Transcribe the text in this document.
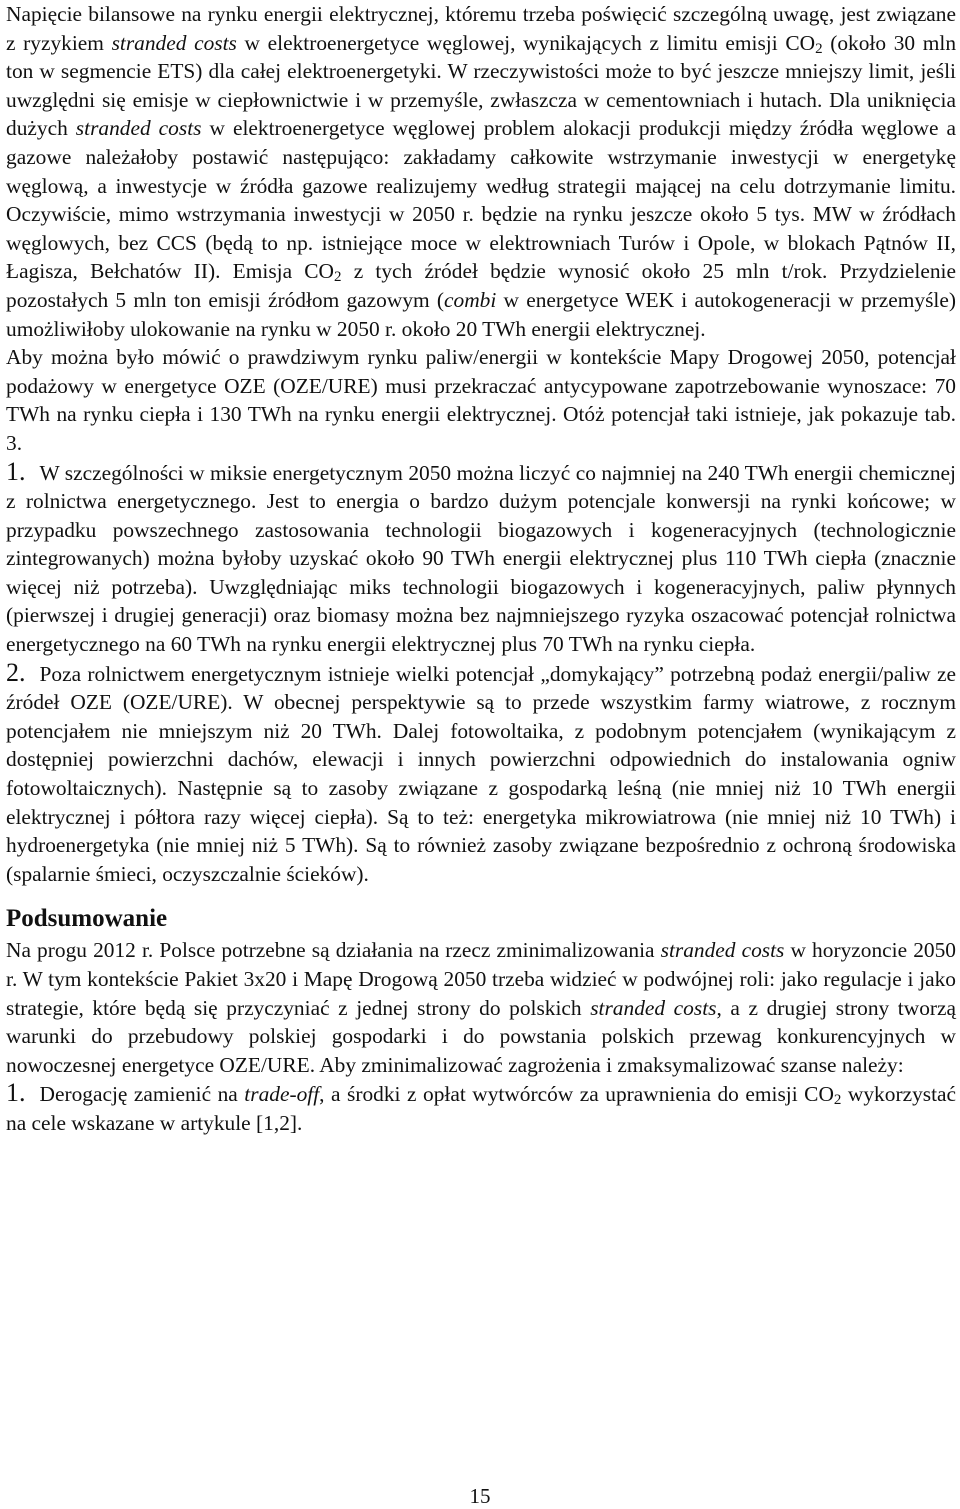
Napięcie bilansowe na rynku energii elektrycznej, któremu trzeba poświęcić szczególną uwagę, jest związane z ryzykiem stranded costs w elektroenergetyce węglowej, wynikających z limitu emisji $CO_2$ (około 30 mln ton w segmencie ETS) dla całej elektroenergetyki. W rzeczywistości może to być jeszcze mniejszy limit, jeśli uwzględni się emisje w ciepłownictwie i w przemyśle, zwłaszcza w cementowniach i hutach. Dla uniknięcia dużych stranded costs w elektroenergetyce węglowej problem alokacji produkcji między źródła węglowe a gazowe należałoby postawić następująco: zakładamy całkowite wstrzymanie inwestycji w energetykę węglową, a inwestycje w źródła gazowe realizujemy według strategii mającej na celu dotrzymanie limitu. Oczywiście, mimo wstrzymania inwestycji w 2050 r. będzie na rynku jeszcze około 5 tys. MW w źródłach węglowych, bez CCS (będą to np. istniejące moce w elektrowniach Turów i Opole, w blokach Pątnów II, Łagisza, Bełchatów II). Emisja $CO_2$ z tych źródeł będzie wynosić około 25 mln t/rok. Przydzielenie pozostałych 5 mln ton emisji źródłom gazowym (combi w energetyce WEK i autokogeneracji w przemyśle) umożliwiłoby ulokowanie na rynku w 2050 r. około 20 TWh energii elektrycznej.

Aby można było mówić o prawdziwym rynku paliw/energii w kontekście Mapy Drogowej 2050, potencjał podażowy w energetyce OZE (OZE/URE) musi przekraczać antycypowane zapotrzebowanie wynoszace: 70 TWh na rynku ciepła i 130 TWh na rynku energii elektrycznej. Otóż potencjał taki istnieje, jak pokazuje tab. 3.

1. W szczególności w miksie energetycznym 2050 można liczyć co najmniej na 240 TWh energii chemicznej z rolnictwa energetycznego. Jest to energia o bardzo dużym potencjale konwersji na rynki końcowe; w przypadku powszechnego zastosowania technologii biogazowych i kogeneracyjnych (technologicznie zintegrowanych) można byłoby uzyskać około 90 TWh energii elektrycznej plus 110 TWh ciepła (znacznie więcej niż potrzeba). Uwzględniając miks technologii biogazowych i kogeneracyjnych, paliw płynnych (pierwszej i drugiej generacji) oraz biomasy można bez najmniejszego ryzyka oszacować potencjał rolnictwa energetycznego na 60 TWh na rynku energii elektrycznej plus 70 TWh na rynku ciepła.

2. Poza rolnictwem energetycznym istnieje wielki potencjał „domykający” potrzebną podaż energii/paliw ze źródeł OZE (OZE/URE). W obecnej perspektywie są to przede wszystkim farmy wiatrowe, z rocznym potencjałem nie mniejszym niż 20 TWh. Dalej fotowoltaika, z podobnym potencjałem (wynikającym z dostępniej powierzchni dachów, elewacji i innych powierzchni odpowiednich do instalowania ogniw fotowoltaicznych). Następnie są to zasoby związane z gospodarką leśną (nie mniej niż 10 TWh energii elektrycznej i półtora razy więcej ciepła). Są to też: energetyka mikrowiatrowa (nie mniej niż 10 TWh) i hydroenergetyka (nie mniej niż 5 TWh). Są to również zasoby związane bezpośrednio z ochroną środowiska (spalarnie śmieci, oczyszczalnie ścieków).

Podsumowanie

Na progu 2012 r. Polsce potrzebne są działania na rzecz zminimalizowania stranded costs w horyzoncie 2050 r. W tym kontekście Pakiet 3x20 i Mapę Drogową 2050 trzeba widzieć w podwójnej roli: jako regulacje i jako strategie, które będą się przyczyniać z jednej strony do polskich stranded costs, a z drugiej strony tworzą warunki do przebudowy polskiej gospodarki i do powstania polskich przewag konkurencyjnych w nowoczesnej energetyce OZE/URE. Aby zminimalizować zagrożenia i zmaksymalizować szanse należy:

1. Derogację zamienić na trade-off, a środki z opłat wytwórców za uprawnienia do emisji $CO_2$ wykorzystać na cele wskazane w artykule [1,2].

15
